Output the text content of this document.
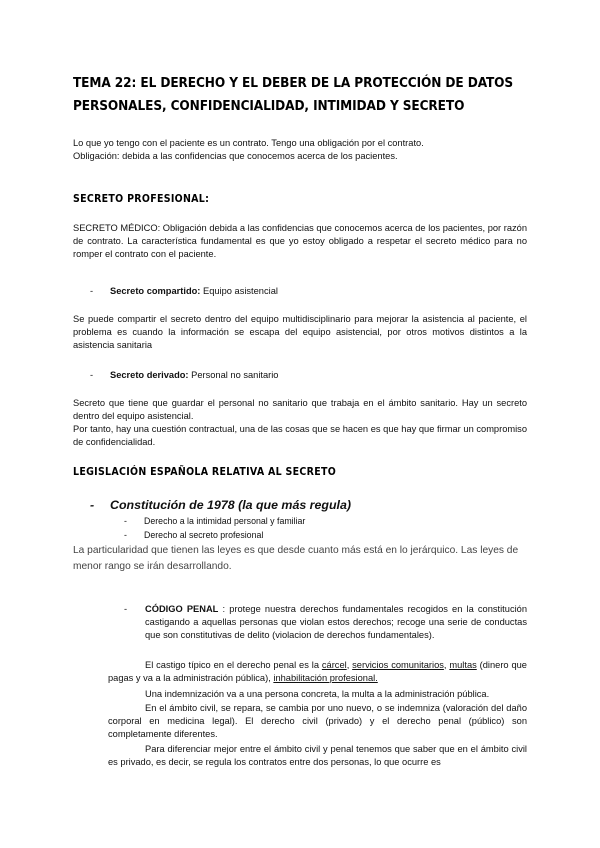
TEMA 22: EL DERECHO Y EL DEBER DE LA PROTECCIÓN DE DATOS PERSONALES, CONFIDENCIALIDAD, INTIMIDAD Y SECRETO

Lo que yo tengo con el paciente es un contrato. Tengo una obligación por el contrato.

Obligación: debida a las confidencias que conocemos acerca de los pacientes.

SECRETO PROFESIONAL:

SECRETO MÉDICO: Obligación debida a las confidencias que conocemos acerca de los pacientes, por razón de contrato. La característica fundamental es que yo estoy obligado a respetar el secreto médico para no romper el contrato con el paciente.

- Secreto compartido: Equipo asistencial

Se puede compartir el secreto dentro del equipo multidisciplinario para mejorar la asistencia al paciente, el problema es cuando la información se escapa del equipo asistencial, por otros motivos distintos a la asistencia sanitaria

- Secreto derivado: Personal no sanitario

Secreto que tiene que guardar el personal no sanitario que trabaja en el ámbito sanitario. Hay un secreto dentro del equipo asistencial.

Por tanto, hay una cuestión contractual, una de las cosas que se hacen es que hay que firmar un compromiso de confidencialidad.

LEGISLACIÓN ESPAÑOLA RELATIVA AL SECRETO

- Constitución de 1978 (la que más regula)

- Derecho a la intimidad personal y familiar

- Derecho al secreto profesional

La particularidad que tienen las leyes es que desde cuanto más está en lo jerárquico. Las leyes de menor rango se irán desarrollando.

- CÓDIGO PENAL : protege nuestra derechos fundamentales recogidos en la constitución castigando a aquellas personas que violan estos derechos; recoge una serie de conductas que son constitutivas de delito (violacion de derechos fundamentales).

El castigo típico en el derecho penal es la cárcel, servicios comunitarios, multas (dinero que pagas y va a la administración pública), inhabilitación profesional.

Una indemnización va a una persona concreta, la multa a la administración pública.

En el ámbito civil, se repara, se cambia por uno nuevo, o se indemniza (valoración del daño corporal en medicina legal). El derecho civil (privado) y el derecho penal (público) son completamente diferentes.

Para diferenciar mejor entre el ámbito civil y penal tenemos que saber que en el ámbito civil es privado, es decir, se regula los contratos entre dos personas, lo que ocurre es
